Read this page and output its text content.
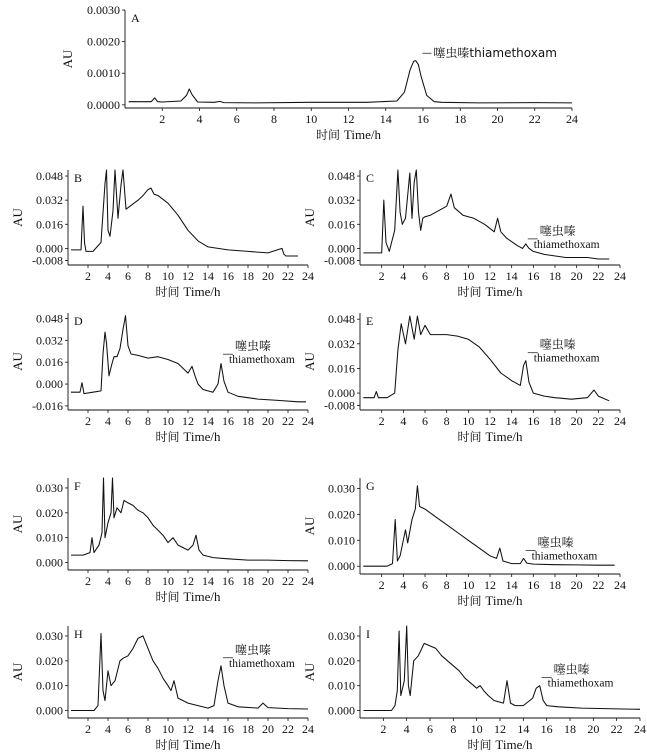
2	4	6	8 10 12 14 16 18 20 22 24
0.0000
0.0010
0.0020
0.0030
AU
时间 Time/h
A
噻虫嗪thiamethoxam
2 4 6 8 10 12 14 16 18 20 22 24
-0.008
0.000
0.016
0.032
0.048
AU
时间 Time/h
B
2 4 6 8 10 12 14 16 18 20 22 24
-0.008
0.000
0.016
0.032
0.048
AU
时间 Time/h
C
噻虫嗪
thiamethoxam
2 4 6 8 10 12 14 16 18 20 22 24
-0.016
0.000
0.016
0.032
0.048
AU
时间 Time/h
D
噻虫嗪
thiamethoxam
2 4 6 8 10 12 14 16 18 20 22 24
-0.008
0.000
0.016
0.032
0.048
AU
时间 Time/h
E
噻虫嗪
thiamethoxam
2 4 6 8 10 12 14 16 18 20 22 24
0.000
0.010
0.020
0.030
AU
时间 Time/h
F
2 4 6 8 10 12 14 16 18 20 22 24
0.000
0.010
0.020
0.030
AU
时间 Time/h
G
噻虫嗪
thiamethoxam
2 4 6 8 10 12 14 16 18 20 22 24
0.000
0.010
0.020
0.030
AU
时间 Time/h
H
噻虫嗪
thiamethoxam
2 4 6 8 10 12 14 16 18 20 22 24
0.000
0.010
0.020
0.030
AU
时间 Time/h
I
噻虫嗪
thiamethoxam
